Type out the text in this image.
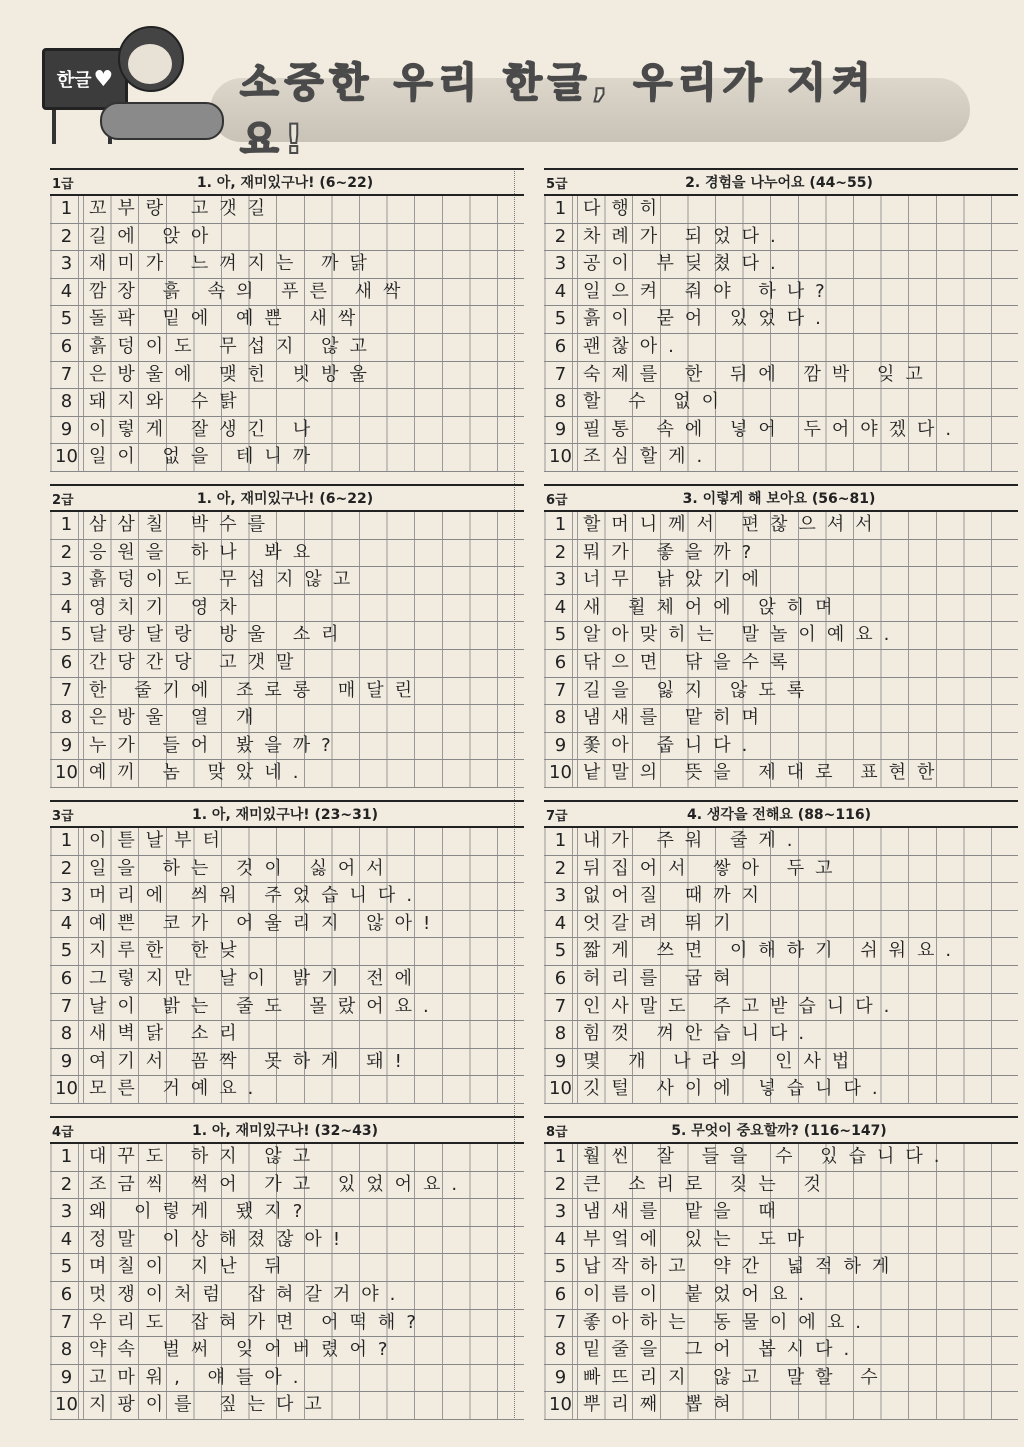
한글 ♥	소중한 우리 한글, 우리가 지켜요!
1급	1. 아, 재미있구나! (6~22)
1 꼬부랑 고갯길
2 길에 앉아
3 재미가 느껴지는 까닭
4 깜장 흙 속의 푸른 새싹
5 돌팍 밑에 예쁜 새싹
6 흙덩이도 무섭지 않고
7 은방울에 맺힌 빗방울
8 돼지와 수탉
9 이렇게 잘생긴 나
10 일이 없을 테니까
2급	1. 아, 재미있구나! (6~22)
1 삼삼칠 박수를
2 응원을 하나 봐요
3 흙덩이도 무섭지않고
4 영치기 영차
5 달랑달랑 방울 소리
6 간당간당 고갯말
7 한 줄기에 조로롱 매달린
8 은방울 열 개
9 누가 들어 봤을까?
10 예끼 놈 맞았네.
3급	1. 아, 재미있구나! (23~31)
1 이튿날부터
2 일을 하는 것이 싫어서
3 머리에 씌워 주었습니다.
4 예쁜 코가 어울리지 않아!
5 지루한 한낮
6 그렇지만 날이 밝기 전에
7 날이 밝는 줄도 몰랐어요.
8 새벽닭 소리
9 여기서 꼼짝 못하게 돼!
10 모른 거예요.
4급	1. 아, 재미있구나! (32~43)
1 대꾸도 하지 않고
2 조금씩 썩어 가고 있었어요.
3 왜 이렇게 됐지?
4 정말 이상해졌잖아!
5 며칠이 지난 뒤
6 멋쟁이처럼 잡혀갈거야.
7 우리도 잡혀가면 어떡해?
8 약속 벌써 잊어버렸어?
9 고마워, 얘들아.
10 지팡이를 짚는다고
5급	2. 경험을 나누어요 (44~55)
1 다행히
2 차례가 되었다.
3 공이 부딪쳤다.
4 일으켜 줘야 하나?
5 흙이 묻어 있었다.
6 괜찮아.
7 숙제를 한 뒤에 깜박 잊고
8 할 수 없이
9 필통 속에 넣어 두어야겠다.
10 조심할게.
6급	3. 이렇게 해 보아요 (56~81)
1 할머니께서 편찮으셔서
2 뭐가 좋을까?
3 너무 낡았기에
4 새 휠체어에 앉히며
5 알아맞히는 말놀이예요.
6 닦으면 닦을수록
7 길을 잃지 않도록
8 냄새를 맡히며
9 쫓아 줍니다.
10 낱말의 뜻을 제대로 표현한
7급	4. 생각을 전해요 (88~116)
1 내가 주워 줄게.
2 뒤집어서 쌓아 두고
3 없어질 때까지
4 엇갈려 뛰기
5 짧게 쓰면 이해하기 쉬워요.
6 허리를 굽혀
7 인사말도 주고받습니다.
8 힘껏 껴안습니다.
9 몇 개 나라의 인사법
10 깃털 사이에 넣습니다.
8급	5. 무엇이 중요할까? (116~147)
1 훨씬 잘 들을 수 있습니다.
2 큰 소리로 짖는 것
3 냄새를 맡을 때
4 부엌에 있는 도마
5 납작하고 약간 넓적하게
6 이름이 붙었어요.
7 좋아하는 동물이에요.
8 밑줄을 그어 봅시다.
9 빠뜨리지 않고 말할 수
10 뿌리째 뽑혀
